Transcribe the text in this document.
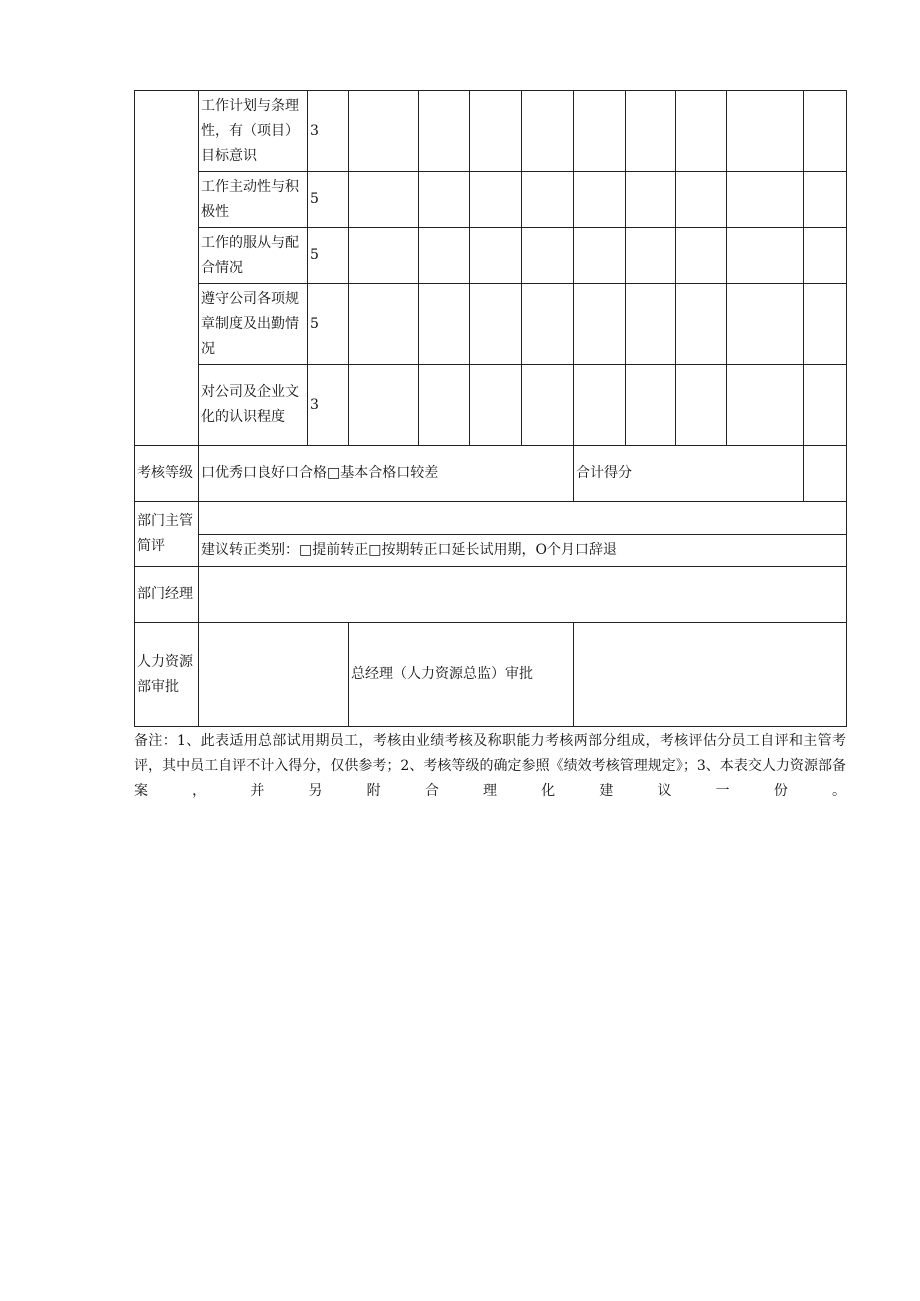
	工作计划与条理性，有（项目）目标意识	3									
	工作主动性与积极性	5									
	工作的服从与配合情况	5									
	遵守公司各项规章制度及出勤情况	5									
	对公司及企业文化的认识程度	3									
考核等级	口优秀口良好口合格□基本合格口较差						合计得分				
部门主管简评											
	建议转正类别：□提前转正□按期转正口延长试用期，O个月口辞退										
部门经理											
人力资源部审批			总经理（人力资源总监）审批								
备注：1、此表适用总部试用期员工，考核由业绩考核及称职能力考核两部分组成，考核评估分员工自评和主管考评，其中员工自评不计入得分，仅供参考；2、考核等级的确定参照《绩效考核管理规定》；3、本表交人力资源部备案，并另附合理化建议一份。
